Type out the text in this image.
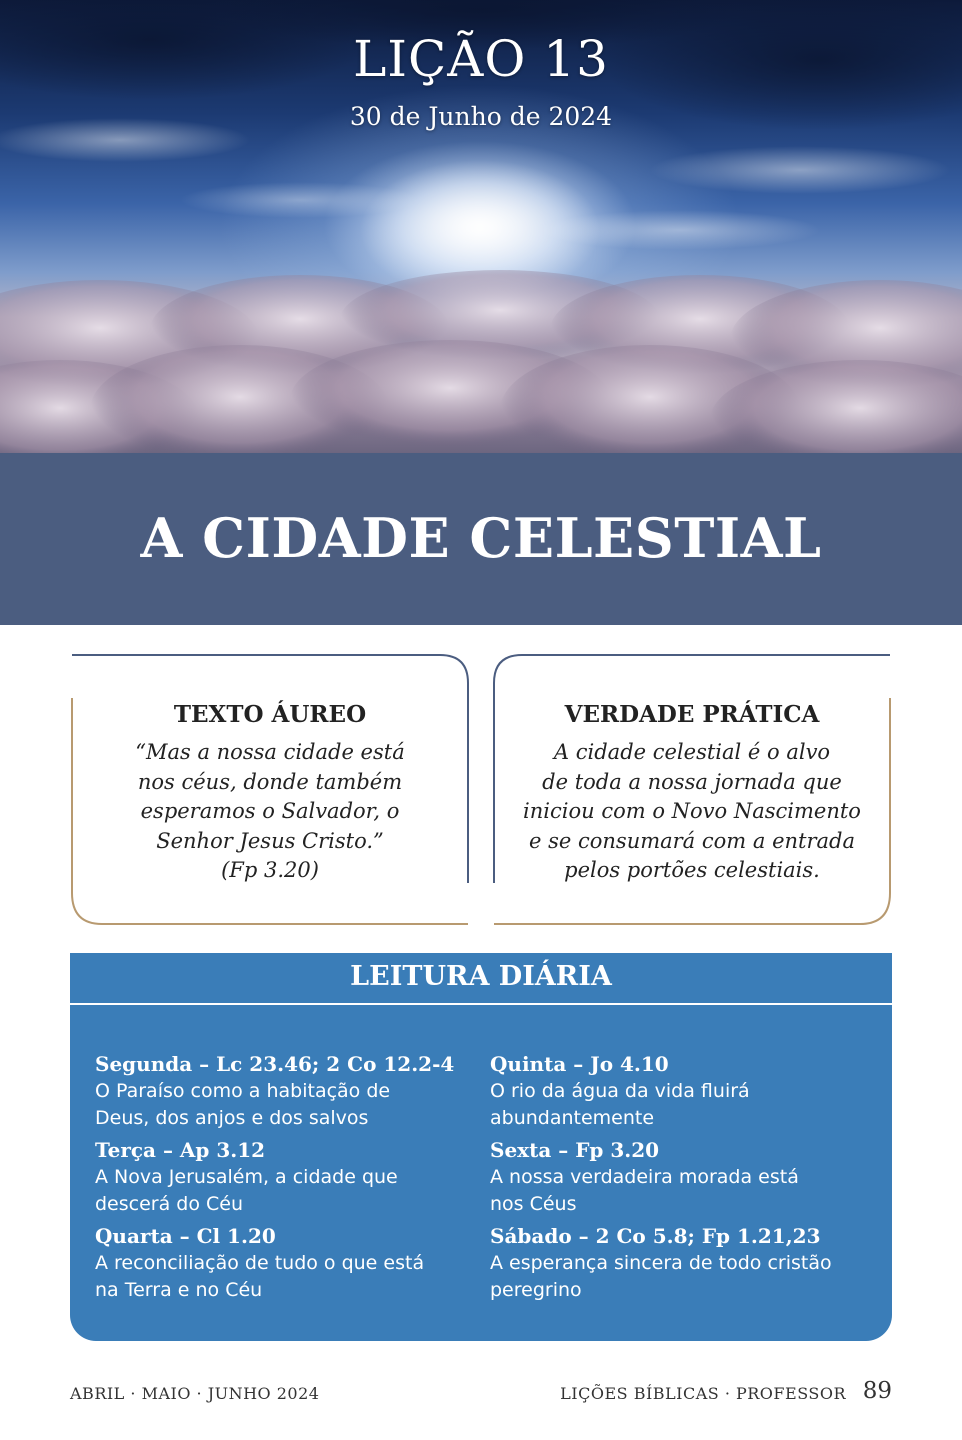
LIÇÃO 13
30 de Junho de 2024
A CIDADE CELESTIAL
TEXTO ÁUREO
“Mas a nossa cidade está
nos céus, donde também
esperamos o Salvador, o
Senhor Jesus Cristo.”
(Fp 3.20)
VERDADE PRÁTICA
A cidade celestial é o alvo
de toda a nossa jornada que
iniciou com o Novo Nascimento
e se consumará com a entrada
pelos portões celestiais.
LEITURA DIÁRIA
Segunda – Lc 23.46; 2 Co 12.2-4
O Paraíso como a habitação de
Deus, dos anjos e dos salvos
Terça – Ap 3.12
A Nova Jerusalém, a cidade que
descerá do Céu
Quarta – Cl 1.20
A reconciliação de tudo o que está
na Terra e no Céu
Quinta – Jo 4.10
O rio da água da vida fluirá
abundantemente
Sexta – Fp 3.20
A nossa verdadeira morada está
nos Céus
Sábado – 2 Co 5.8; Fp 1.21,23
A esperança sincera de todo cristão
peregrino
ABRIL · MAIO · JUNHO 2024	LIÇÕES BÍBLICAS · PROFESSOR 89
